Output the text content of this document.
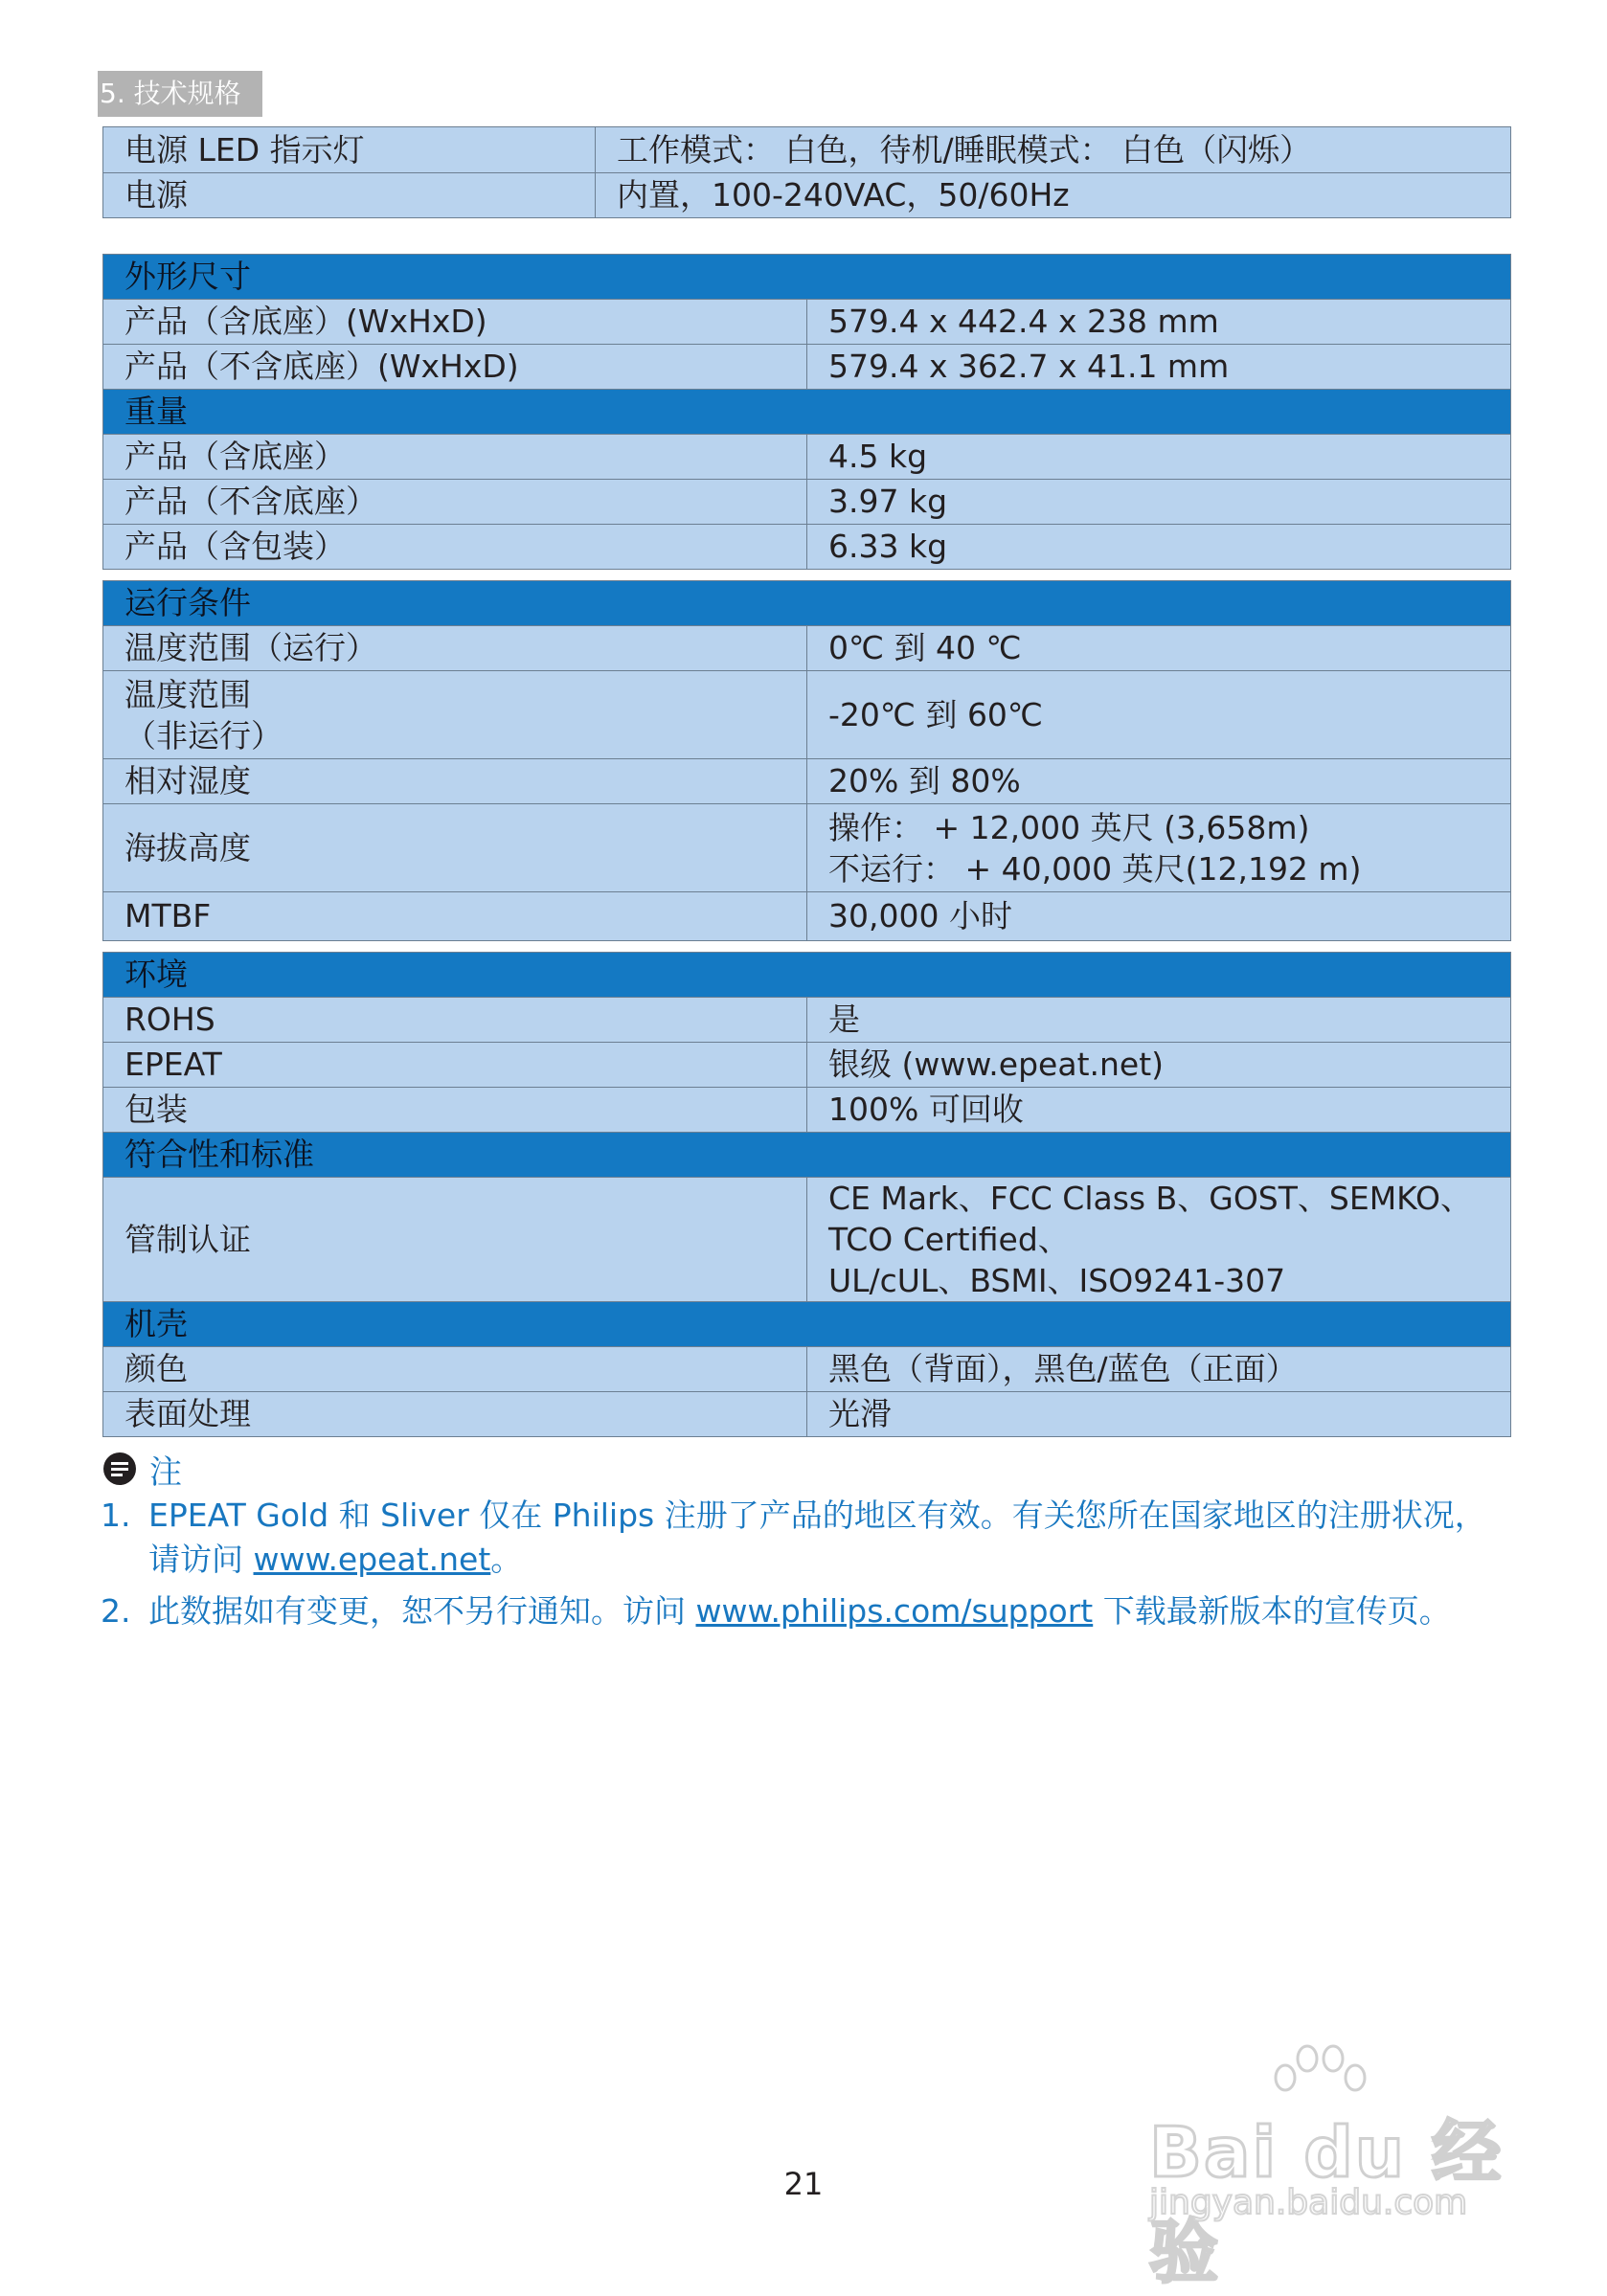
5. 技术规格
电源 LED 指示灯	工作模式： 白色，待机/睡眠模式： 白色（闪烁）
电源	内置，100-240VAC，50/60Hz
外形尺寸	
产品（含底座）(WxHxD)	579.4 x 442.4 x 238 mm
产品（不含底座）(WxHxD)	579.4 x 362.7 x 41.1 mm
重量	
产品（含底座）	4.5 kg
产品（不含底座）	3.97 kg
产品（含包装）	6.33 kg
运行条件	
温度范围（运行）	0℃ 到 40 ℃

温度范围
（非运行）	-20℃ 到 60℃
相对湿度	20% 到 80%
海拔高度	操作： + 12,000 英尺 (3,658m)
不运行： + 40,000 英尺(12,192 m)

MTBF	30,000 小时
环境	
ROHS	是
EPEAT	银级 (www.epeat.net)
包装	100% 可回收
符合性和标准	
管制认证	CE Mark、FCC Class B、GOST、SEMKO、TCO Certified、
UL/cUL、BSMI、ISO9241-307

机壳	
颜色	黑色（背面），黑色/蓝色（正面）
表面处理	光滑
注
1. EPEAT Gold 和 Sliver 仅在 Philips 注册了产品的地区有效。有关您所在国家地区的注册状况，
请访问 www.epeat.net。
2. 此数据如有变更，恕不另行通知。访问 www.philips.com/support 下载最新版本的宣传页。
Bai du 经验
jingyan.baidu.com
21
